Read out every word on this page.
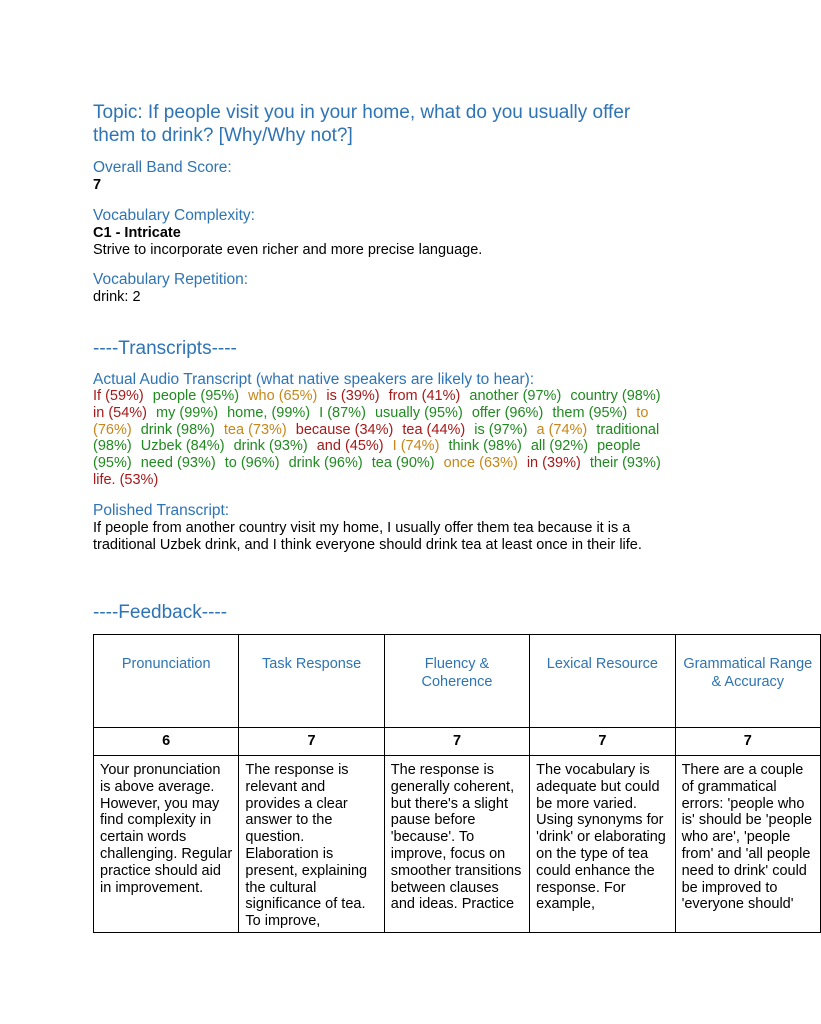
Topic: If people visit you in your home, what do you usually offer them to drink? [Why/Why not?]
Overall Band Score:
7
Vocabulary Complexity:
C1 - Intricate
Strive to incorporate even richer and more precise language.
Vocabulary Repetition:
drink: 2
----Transcripts----
Actual Audio Transcript (what native speakers are likely to hear):
If (59%) people (95%) who (65%) is (39%) from (41%) another (97%) country (98%) in (54%) my (99%) home, (99%) I (87%) usually (95%) offer (96%) them (95%) to (76%) drink (98%) tea (73%) because (34%) tea (44%) is (97%) a (74%) traditional (98%) Uzbek (84%) drink (93%) and (45%) I (74%) think (98%) all (92%) people (95%) need (93%) to (96%) drink (96%) tea (90%) once (63%) in (39%) their (93%) life. (53%)
Polished Transcript:
If people from another country visit my home, I usually offer them tea because it is a traditional Uzbek drink, and I think everyone should drink tea at least once in their life.
----Feedback----
Pronunciation	Task Response	Fluency & Coherence	Lexical Resource	Grammatical Range & Accuracy
6	7	7	7	7
Your pronunciation is above average. However, you may find complexity in certain words challenging. Regular practice should aid in improvement.	The response is relevant and provides a clear answer to the question. Elaboration is present, explaining the cultural significance of tea. To improve,	The response is generally coherent, but there's a slight pause before 'because'. To improve, focus on smoother transitions between clauses and ideas. Practice	The vocabulary is adequate but could be more varied. Using synonyms for 'drink' or elaborating on the type of tea could enhance the response. For example,	There are a couple of grammatical errors: 'people who is' should be 'people who are', 'people from' and 'all people need to drink' could be improved to 'everyone should'
